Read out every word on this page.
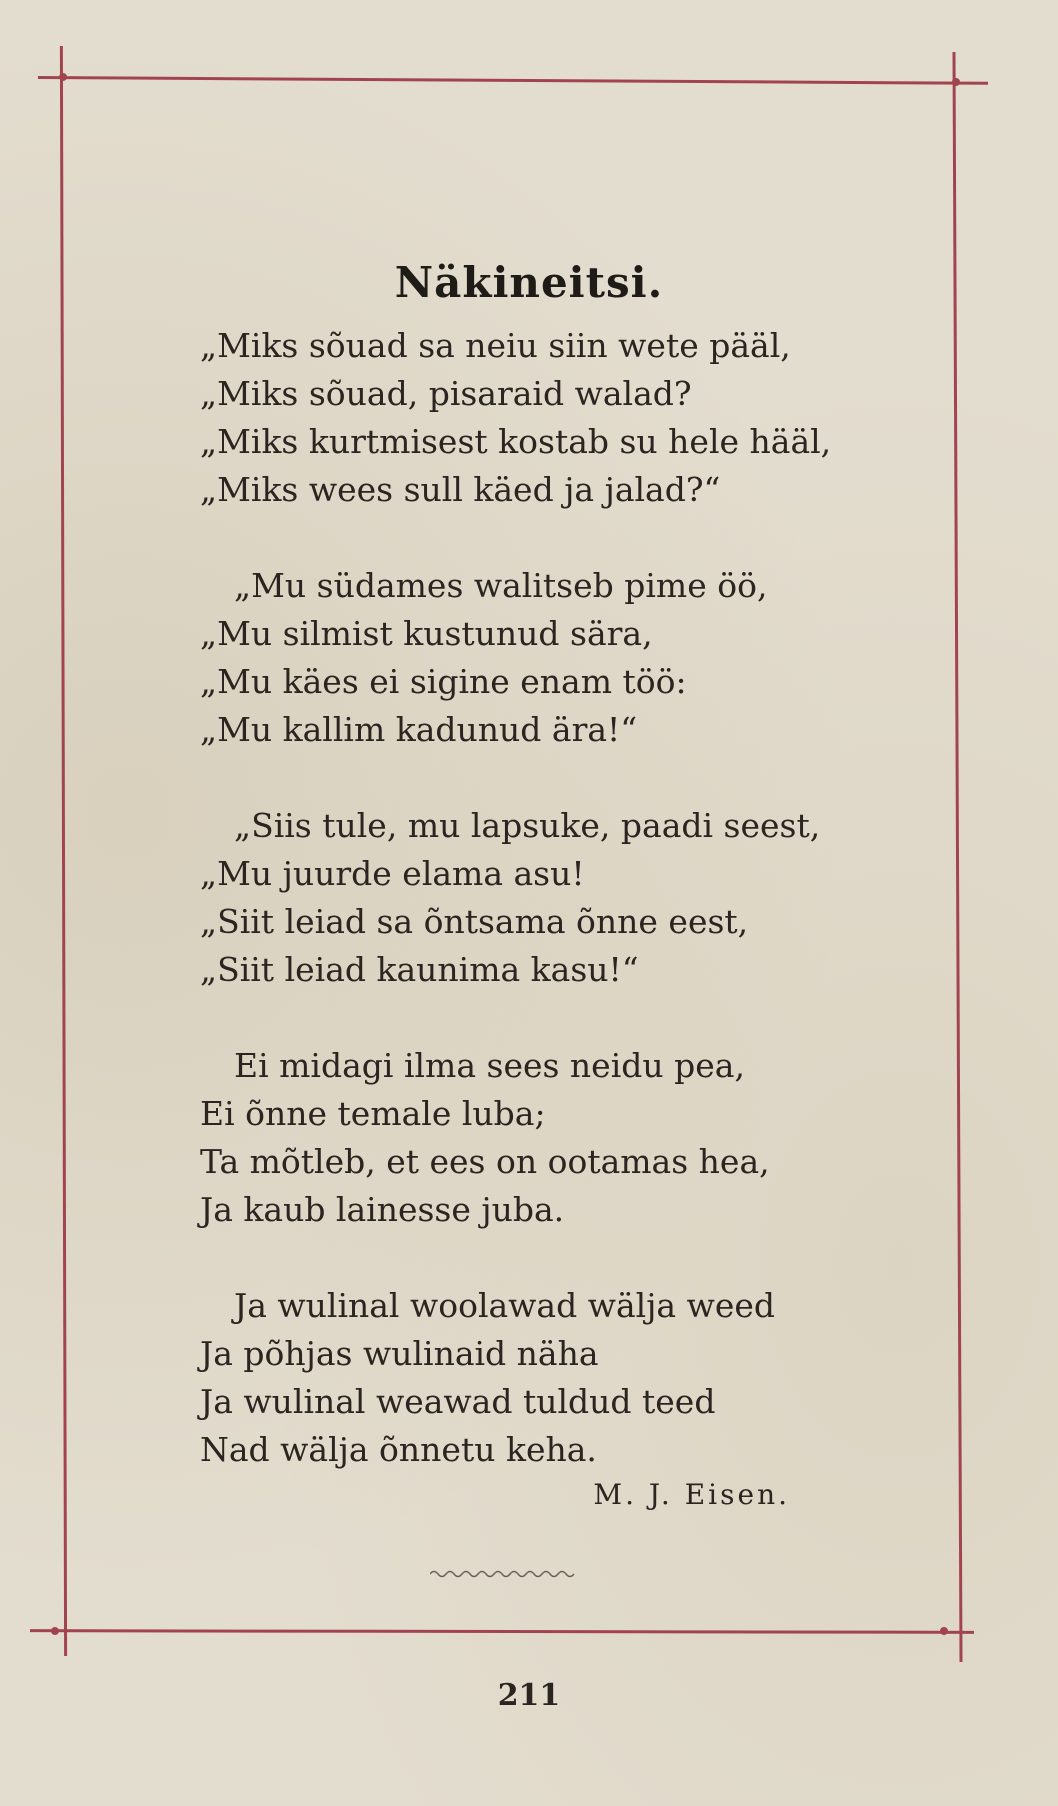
Näkineitsi.
„Miks sõuad sa neiu siin wete pääl,
„Miks sõuad, pisaraid walad?
„Miks kurtmisest kostab su hele hääl,
„Miks wees sull käed ja jalad?“
„Mu südames walitseb pime öö,
„Mu silmist kustunud sära,
„Mu käes ei sigine enam töö:
„Mu kallim kadunud ära!“
„Siis tule, mu lapsuke, paadi seest,
„Mu juurde elama asu!
„Siit leiad sa õntsama õnne eest,
„Siit leiad kaunima kasu!“
Ei midagi ilma sees neidu pea,
Ei õnne temale luba;
Ta mõtleb, et ees on ootamas hea,
Ja kaub lainesse juba.
Ja wulinal woolawad wälja weed
Ja põhjas wulinaid näha
Ja wulinal weawad tuldud teed
Nad wälja õnnetu keha.
M. J. Eisen.
211
